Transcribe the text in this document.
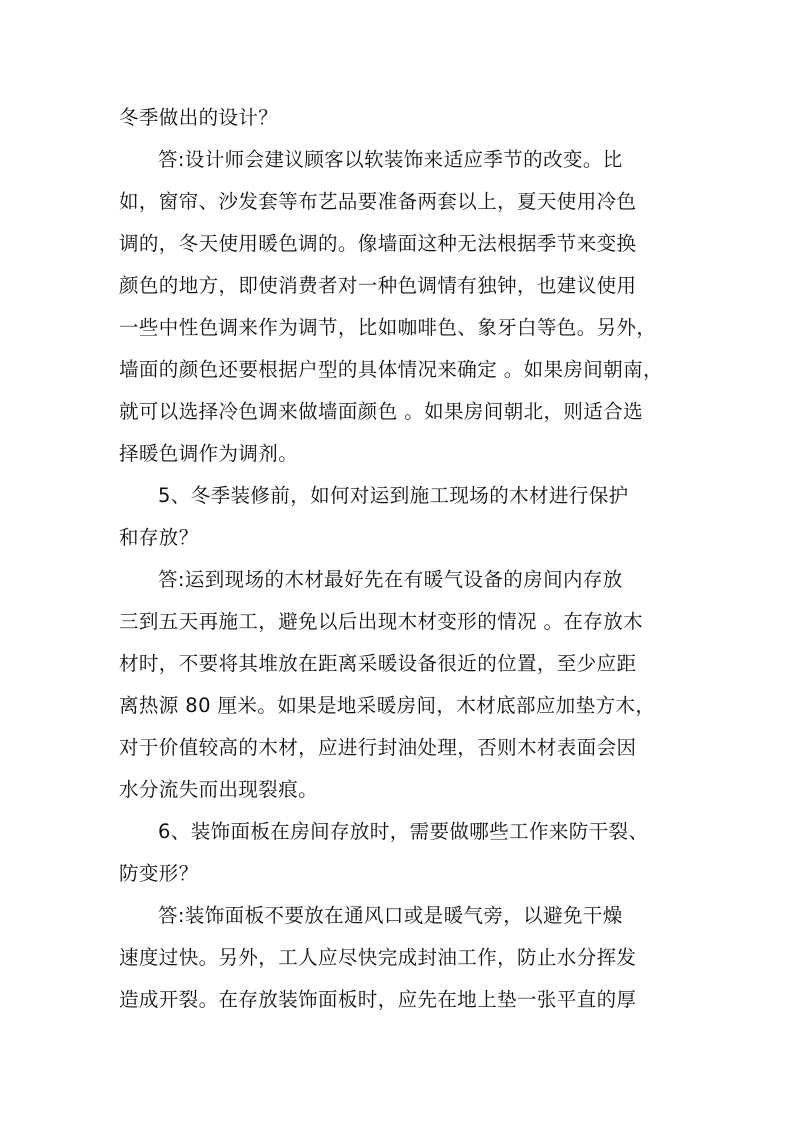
冬季做出的设计？
答:设计师会建议顾客以软装饰来适应季节的改变。比
如，窗帘、沙发套等布艺品要准备两套以上，夏天使用冷色
调的，冬天使用暖色调的。像墙面这种无法根据季节来变换
颜色的地方，即使消费者对一种色调情有独钟，也建议使用
一些中性色调来作为调节，比如咖啡色、象牙白等色。另外，
墙面的颜色还要根据户型的具体情况来确定 。如果房间朝南，
就可以选择冷色调来做墙面颜色 。如果房间朝北，则适合选
择暖色调作为调剂。
5、冬季装修前，如何对运到施工现场的木材进行保护
和存放？
答:运到现场的木材最好先在有暖气设备的房间内存放
三到五天再施工，避免以后出现木材变形的情况 。在存放木
材时，不要将其堆放在距离采暖设备很近的位置，至少应距
离热源 80 厘米。如果是地采暖房间，木材底部应加垫方木，
对于价值较高的木材，应进行封油处理，否则木材表面会因
水分流失而出现裂痕。
6、装饰面板在房间存放时，需要做哪些工作来防干裂、
防变形？
答:装饰面板不要放在通风口或是暖气旁，以避免干燥
速度过快。另外，工人应尽快完成封油工作，防止水分挥发
造成开裂。在存放装饰面板时，应先在地上垫一张平直的厚
